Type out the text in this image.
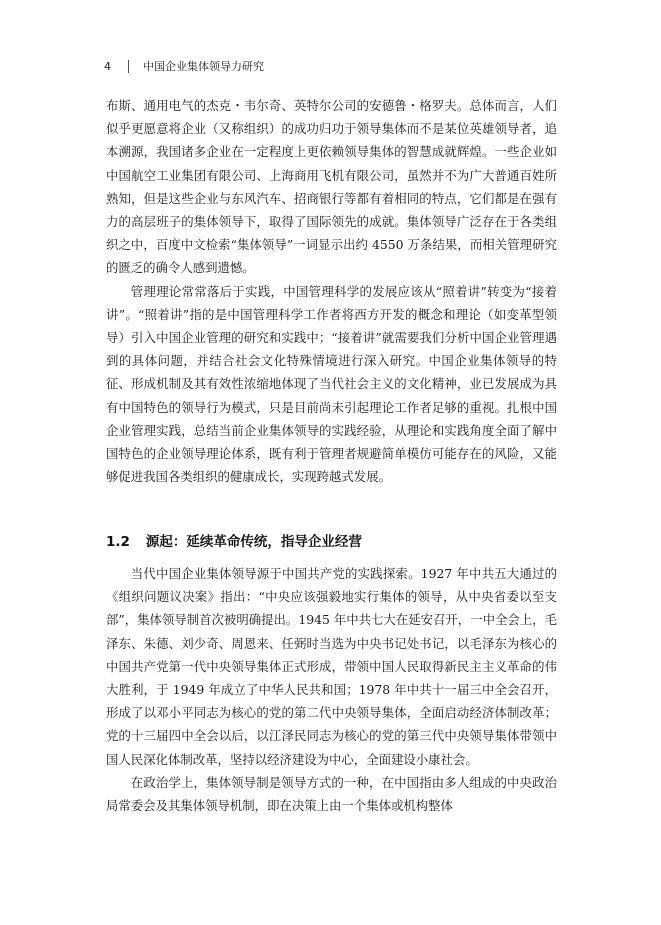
4	中国企业集体领导力研究

布斯、通用电气的杰克・韦尔奇、英特尔公司的安德鲁・格罗夫。总体而言，人们似乎更愿意将企业（又称组织）的成功归功于领导集体而不是某位英雄领导者，追本溯源，我国诸多企业在一定程度上更依赖领导集体的智慧成就辉煌。一些企业如中国航空工业集团有限公司、上海商用飞机有限公司，虽然并不为广大普通百姓所熟知，但是这些企业与东风汽车、招商银行等都有着相同的特点，它们都是在强有力的高层班子的集体领导下，取得了国际领先的成就。集体领导广泛存在于各类组织之中，百度中文检索“集体领导”一词显示出约 4550 万条结果，而相关管理研究的匮乏的确令人感到遗憾。

管理理论常常落后于实践，中国管理科学的发展应该从“照着讲”转变为“接着讲”。“照着讲”指的是中国管理科学工作者将西方开发的概念和理论（如变革型领导）引入中国企业管理的研究和实践中；“接着讲”就需要我们分析中国企业管理遇到的具体问题，并结合社会文化特殊情境进行深入研究。中国企业集体领导的特征、形成机制及其有效性浓缩地体现了当代社会主义的文化精神，业已发展成为具有中国特色的领导行为模式，只是目前尚未引起理论工作者足够的重视。扎根中国企业管理实践，总结当前企业集体领导的实践经验，从理论和实践角度全面了解中国特色的企业领导理论体系，既有利于管理者规避简单模仿可能存在的风险，又能够促进我国各类组织的健康成长，实现跨越式发展。

1.2 源起：延续革命传统，指导企业经营

当代中国企业集体领导源于中国共产党的实践探索。1927 年中共五大通过的《组织问题议决案》指出：“中央应该强毅地实行集体的领导，从中央省委以至支部”，集体领导制首次被明确提出。1945 年中共七大在延安召开，一中全会上，毛泽东、朱德、刘少奇、周恩来、任弼时当选为中央书记处书记，以毛泽东为核心的中国共产党第一代中央领导集体正式形成，带领中国人民取得新民主主义革命的伟大胜利，于 1949 年成立了中华人民共和国；1978 年中共十一届三中全会召开，形成了以邓小平同志为核心的党的第二代中央领导集体，全面启动经济体制改革；党的十三届四中全会以后，以江泽民同志为核心的党的第三代中央领导集体带领中国人民深化体制改革，坚持以经济建设为中心，全面建设小康社会。

在政治学上，集体领导制是领导方式的一种，在中国指由多人组成的中央政治局常委会及其集体领导机制，即在决策上由一个集体或机构整体
